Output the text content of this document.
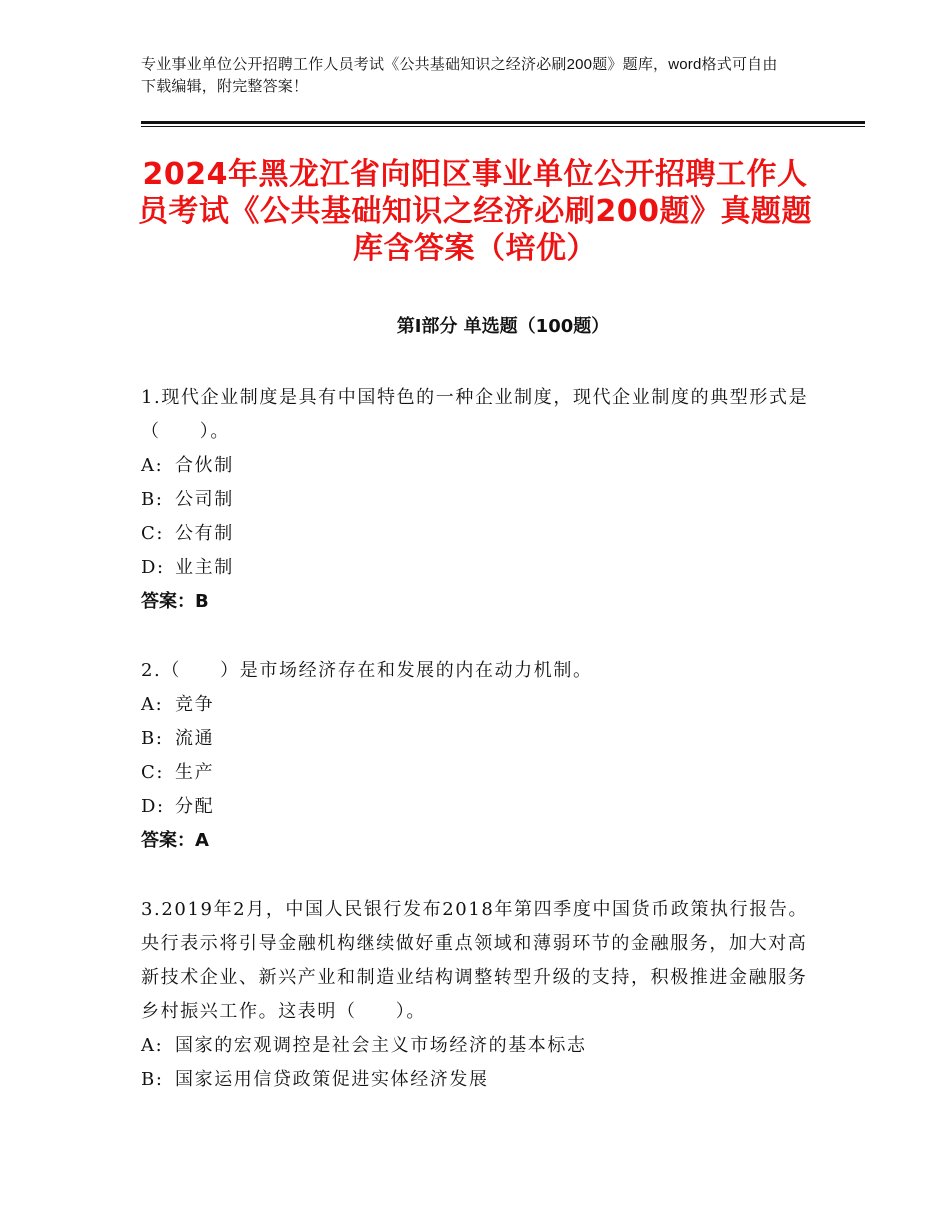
专业事业单位公开招聘工作人员考试《公共基础知识之经济必刷200题》题库，word格式可自由下载编辑，附完整答案！
2024年黑龙江省向阳区事业单位公开招聘工作人员考试《公共基础知识之经济必刷200题》真题题库含答案（培优）
第Ⅰ部分 单选题（100题）

1.现代企业制度是具有中国特色的一种企业制度，现代企业制度的典型形式是（　　）。

A: 合伙制

B: 公司制

C: 公有制

D: 业主制

答案：B

2.（　　）是市场经济存在和发展的内在动力机制。

A: 竞争

B: 流通

C: 生产

D: 分配

答案：A

3.2019年2月，中国人民银行发布2018年第四季度中国货币政策执行报告。央行表示将引导金融机构继续做好重点领域和薄弱环节的金融服务，加大对高新技术企业、新兴产业和制造业结构调整转型升级的支持，积极推进金融服务乡村振兴工作。这表明（　　）。

A: 国家的宏观调控是社会主义市场经济的基本标志

B: 国家运用信贷政策促进实体经济发展
